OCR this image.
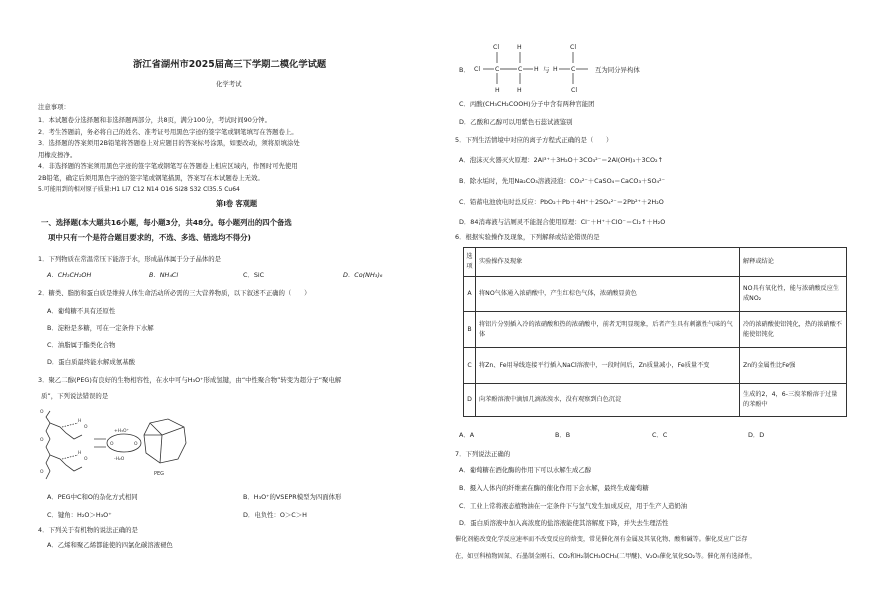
浙江省湖州市2025届高三下学期二模化学试题
化学考试
注意事项：
1．本试题卷分选择题和非选择题两部分，共8页，满分100分，考试时间90分钟。
2．考生答题前，务必将自己的姓名、准考证号用黑色字迹的签字笔或钢笔填写在答题卷上。
3．选择题的答案须用2B铅笔将答题卷上对应题目的答案标号涂黑，如要改动，须将原填涂处
用橡皮擦净。
4．非选择题的答案须用黑色字迹的签字笔或钢笔写在答题卷上相应区域内，作图时可先使用
2B铅笔，确定后须用黑色字迹的签字笔或钢笔描黑，答案写在本试题卷上无效。
5.可能用到的相对原子质量:H1 Li7 C12 N14 O16 Si28 S32 Cl35.5 Cu64
第Ⅰ卷 客观题
一、选择题(本大题共16小题，每小题3分，共48分。每小题列出的四个备选
项中只有一个是符合题目要求的，不选、多选、错选均不得分)
1．下列物质在常温常压下能溶于水，形成晶体属于分子晶体的是
A．CH₃CH₂OH	B．NH₄Cl	C．SiC	D．Co(NH₃)₆
2．糖类、脂肪和蛋白质是维持人体生命活动所必需的三大营养物质，以下叙述不正确的（　　）
A．葡萄糖不具有还原性
B．淀粉是多糖，可在一定条件下水解
C．油脂属于酯类化合物
D．蛋白质最终能水解成氨基酸
3．聚乙二醇(PEG)有良好的生物相容性，在水中可与H₃O⁺形成氢键，由“中性聚合物”转变为超分子“聚电解
质”，下列说法错误的是
O
O
O
H
O
H
O
+H₃O⁺
-H₂O
O	O
PEG
A．PEG中C和O的杂化方式相同	B．H₃O⁺的VSEPR模型为四面体形
C．键角：H₂O＞H₃O⁺	D．电负性：O＞C＞H
4．下列关于有机物的说法正确的是
A．乙烯和聚乙烯都能使的四氯化碳溶液褪色
B．
Cl	H
Cl C	C
H	H
H
Cl
H C
Cl
与	互为同分异构体
C．丙酸(CH₃CH₂COOH)分子中含有两种官能团
D．乙酸和乙醇可以用紫色石蕊试液鉴别
5．下列生活情境中对应的离子方程式正确的是（　　）
A．泡沫灭火器灭火原理：2Al³⁺＋3H₂O＋3CO₃²⁻＝2Al(OH)₃＋3CO₂↑
B．除水垢时，先用Na₂CO₃溶液浸泡：CO₃²⁻＋CaSO₄＝CaCO₃＋SO₄²⁻
C．铅蓄电池放电时总反应：PbO₂＋Pb＋4H⁺＋2SO₄²⁻＝2Pb²⁺＋2H₂O
D．84消毒液与洁厕灵不能混合使用原理：Cl⁻＋H⁺＋ClO⁻＝Cl₂↑＋H₂O
6．根据实验操作及现象，下列解释或结论错误的是
选项	实验操作及现象	解释或结论
A	将NO气体通入浓硝酸中，产生红棕色气体，浓硝酸显黄色	NO具有氧化性，能与浓硝酸反应生成NO₂
B	将铝片分别插入冷的浓硝酸和热的浓硝酸中，前者无明显现象，后者产生具有刺激性气味的气体	冷的浓硝酸使铝钝化，热的浓硝酸不能使铝钝化
C	将Zn、Fe用导线连接平行插入NaCl溶液中，一段时间后，Zn质量减小，Fe质量不变	Zn的金属性比Fe强
D	向苯酚溶液中滴加几滴浓溴水，没有观察到白色沉淀	生成的2，4，6-三溴苯酚溶于过量的苯酚中
A．A	B．B	C．C	D．D
7．下列说法正确的
A．葡萄糖在酒化酶的作用下可以水解生成乙醇
B．摄入人体内的纤维素在酶的催化作用下会水解，最终生成葡萄糖
C．工业上常将液态植物油在一定条件下与氢气发生加成反应，用于生产人造奶油
D．蛋白质溶液中加入高浓度的盐溶液能使其溶解度下降，并失去生理活性
催化剂能改变化学反应速率而不改变反应的焓变，常见催化剂有金属及其氧化物、酸和碱等。催化反应广泛存
在，如豆科植物固氮、石墨制金刚石、CO₂和H₂制CH₃OCH₃(二甲醚)、V₂O₅催化氧化SO₂等。催化剂有选择性，
